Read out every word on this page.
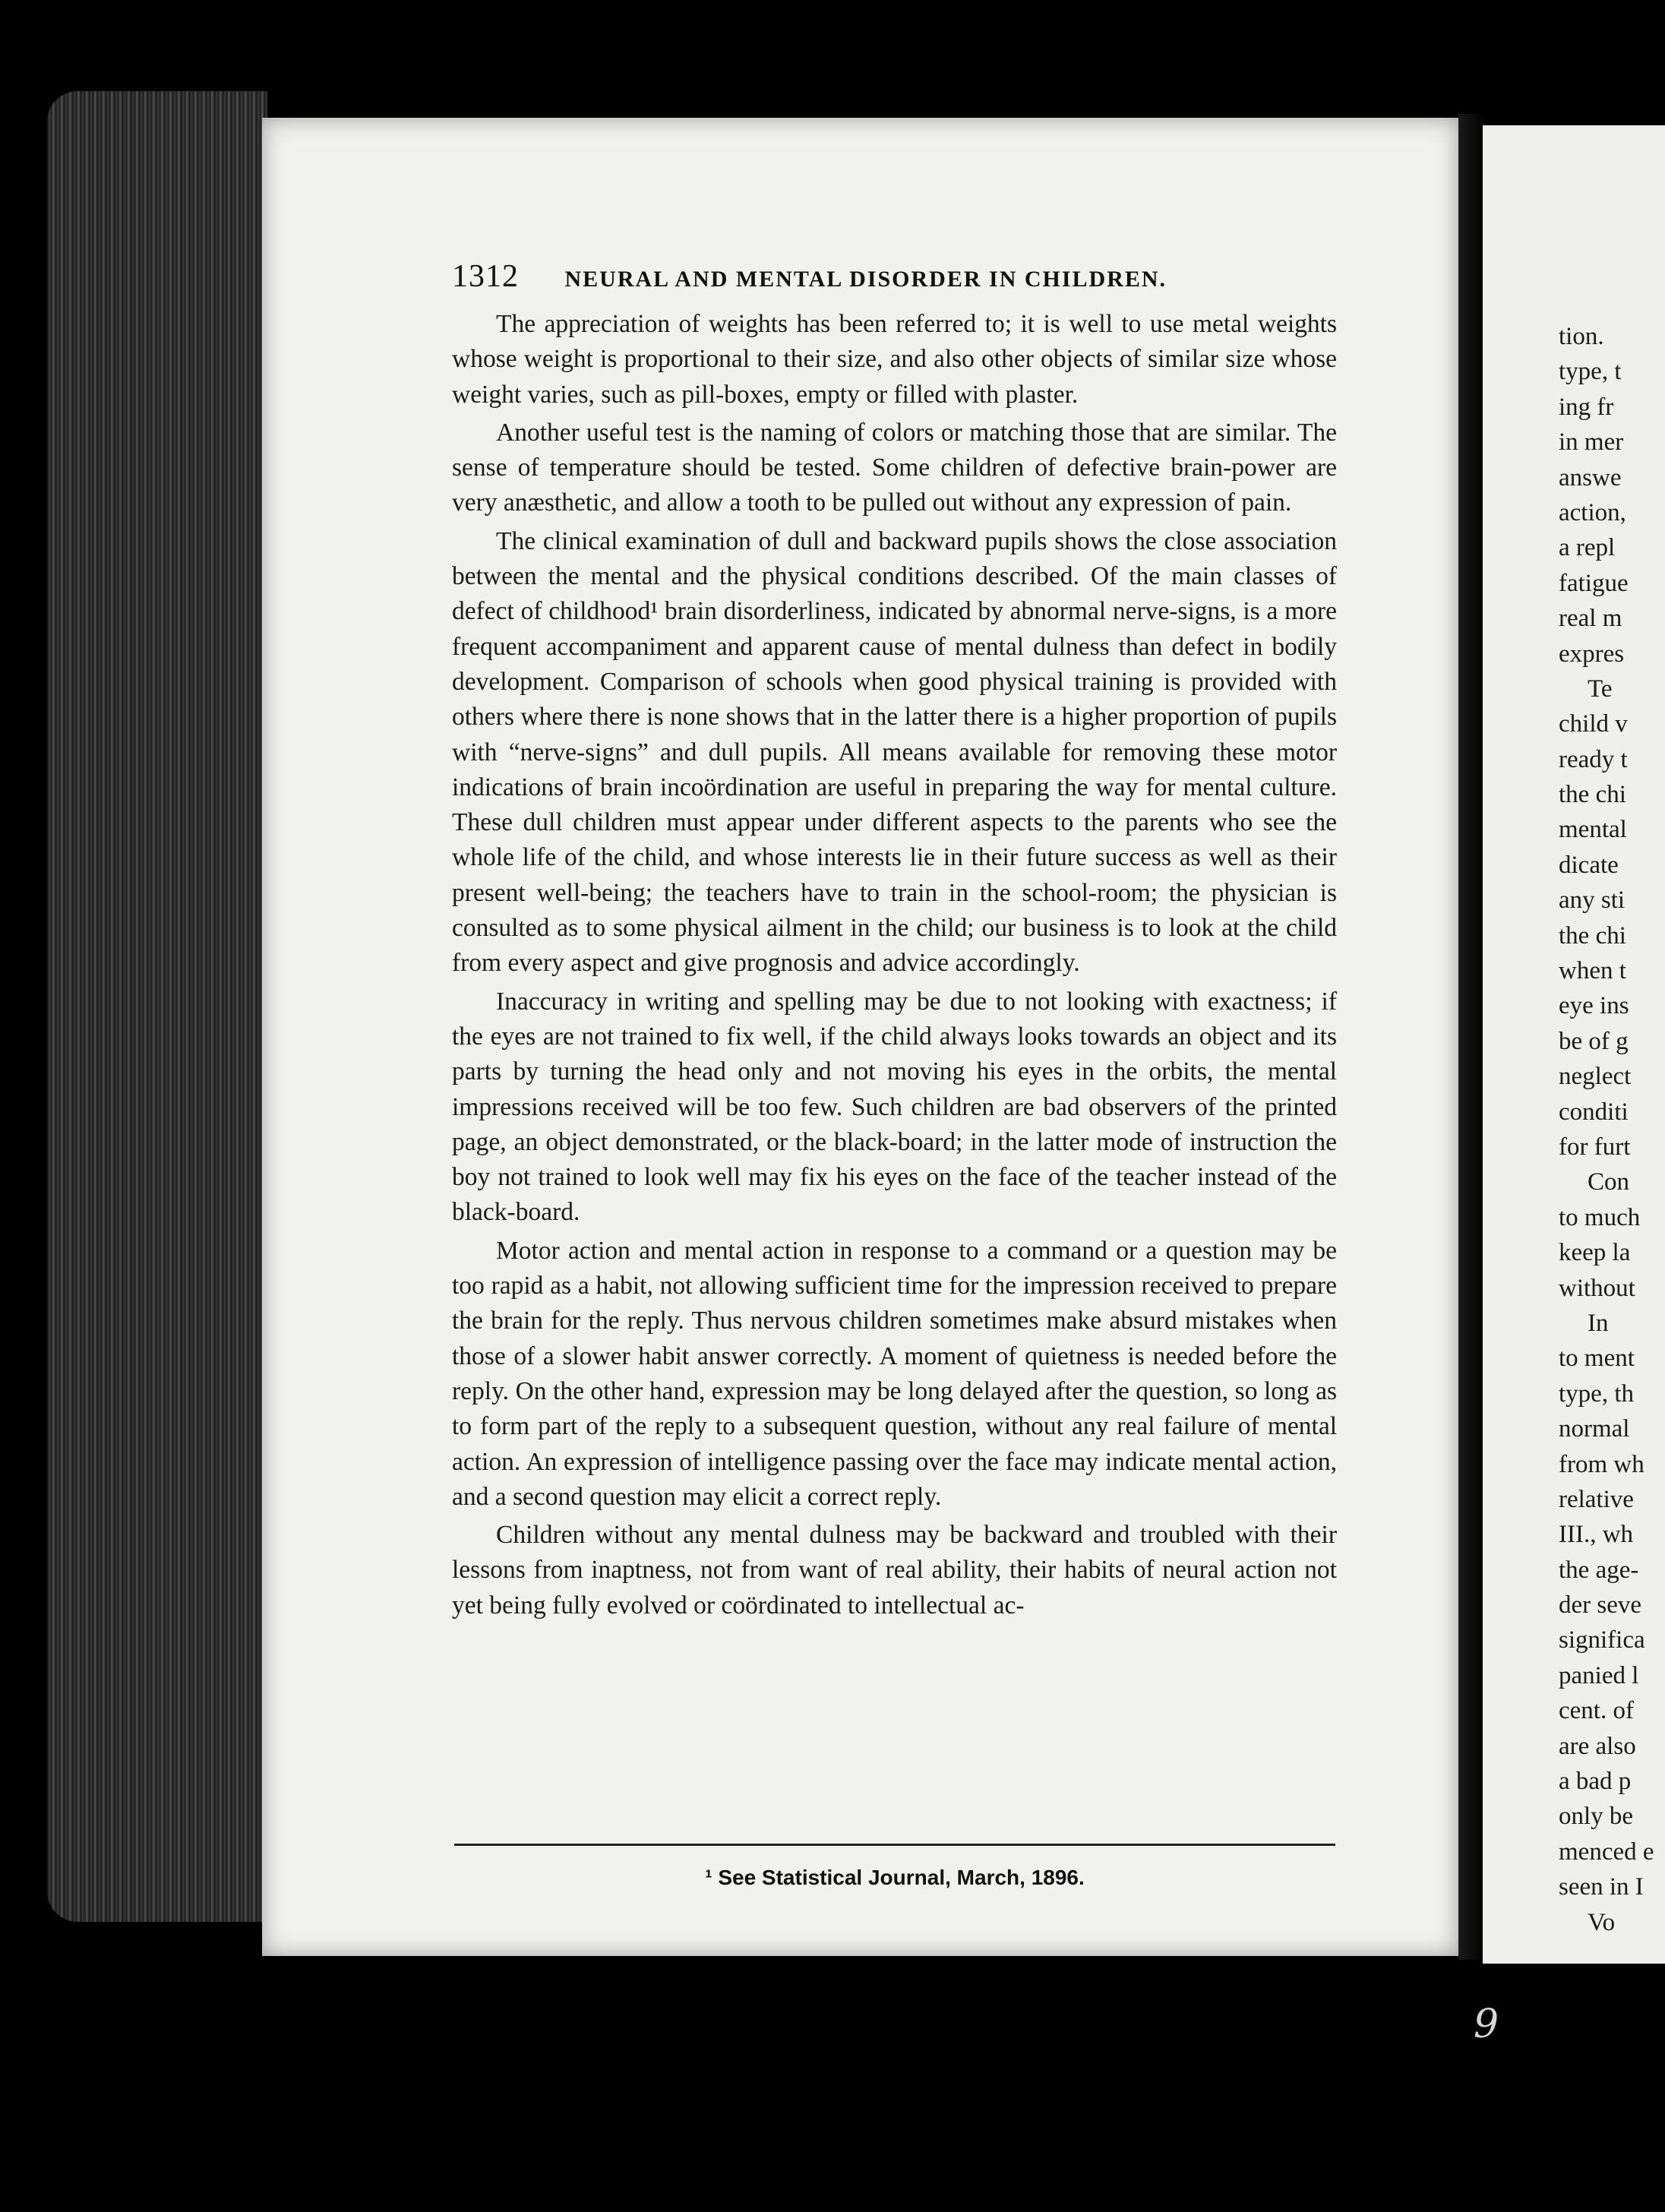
1312 NEURAL AND MENTAL DISORDER IN CHILDREN.

The appreciation of weights has been referred to; it is well to use metal weights whose weight is proportional to their size, and also other objects of similar size whose weight varies, such as pill-boxes, empty or filled with plaster.

Another useful test is the naming of colors or matching those that are similar. The sense of temperature should be tested. Some children of defective brain-power are very anæsthetic, and allow a tooth to be pulled out without any expression of pain.

The clinical examination of dull and backward pupils shows the close association between the mental and the physical conditions described. Of the main classes of defect of childhood¹ brain disorderliness, indicated by abnormal nerve-signs, is a more frequent accompaniment and apparent cause of mental dulness than defect in bodily development. Comparison of schools when good physical training is provided with others where there is none shows that in the latter there is a higher proportion of pupils with “nerve-signs” and dull pupils. All means available for removing these motor indications of brain incoördination are useful in preparing the way for mental culture. These dull children must appear under different aspects to the parents who see the whole life of the child, and whose interests lie in their future success as well as their present well-being; the teachers have to train in the school-room; the physician is consulted as to some physical ailment in the child; our business is to look at the child from every aspect and give prognosis and advice accordingly.

Inaccuracy in writing and spelling may be due to not looking with exactness; if the eyes are not trained to fix well, if the child always looks towards an object and its parts by turning the head only and not moving his eyes in the orbits, the mental impressions received will be too few. Such children are bad observers of the printed page, an object demonstrated, or the black-board; in the latter mode of instruction the boy not trained to look well may fix his eyes on the face of the teacher instead of the black-board.

Motor action and mental action in response to a command or a question may be too rapid as a habit, not allowing sufficient time for the impression received to prepare the brain for the reply. Thus nervous children sometimes make absurd mistakes when those of a slower habit answer correctly. A moment of quietness is needed before the reply. On the other hand, expression may be long delayed after the question, so long as to form part of the reply to a subsequent question, without any real failure of mental action. An expression of intelligence passing over the face may indicate mental action, and a second question may elicit a correct reply.

Children without any mental dulness may be backward and troubled with their lessons from inaptness, not from want of real ability, their habits of neural action not yet being fully evolved or coördinated to intellectual ac-

¹ See Statistical Journal, March, 1896.
tion.
type, t
ing fr
in mer
answe
action,
a repl
fatigue
real m
expres
Te
child v
ready t
the chi
mental
dicate
any sti
the chi
when t
eye ins
be of g
neglect
conditi
for furt
Con
to much
keep la
without
In
to ment
type, th
normal
from wh
relative
III., wh
the age-
der seve
significa
panied l
cent. of
are also
a bad p
only be
menced e
seen in I
Vo
9
